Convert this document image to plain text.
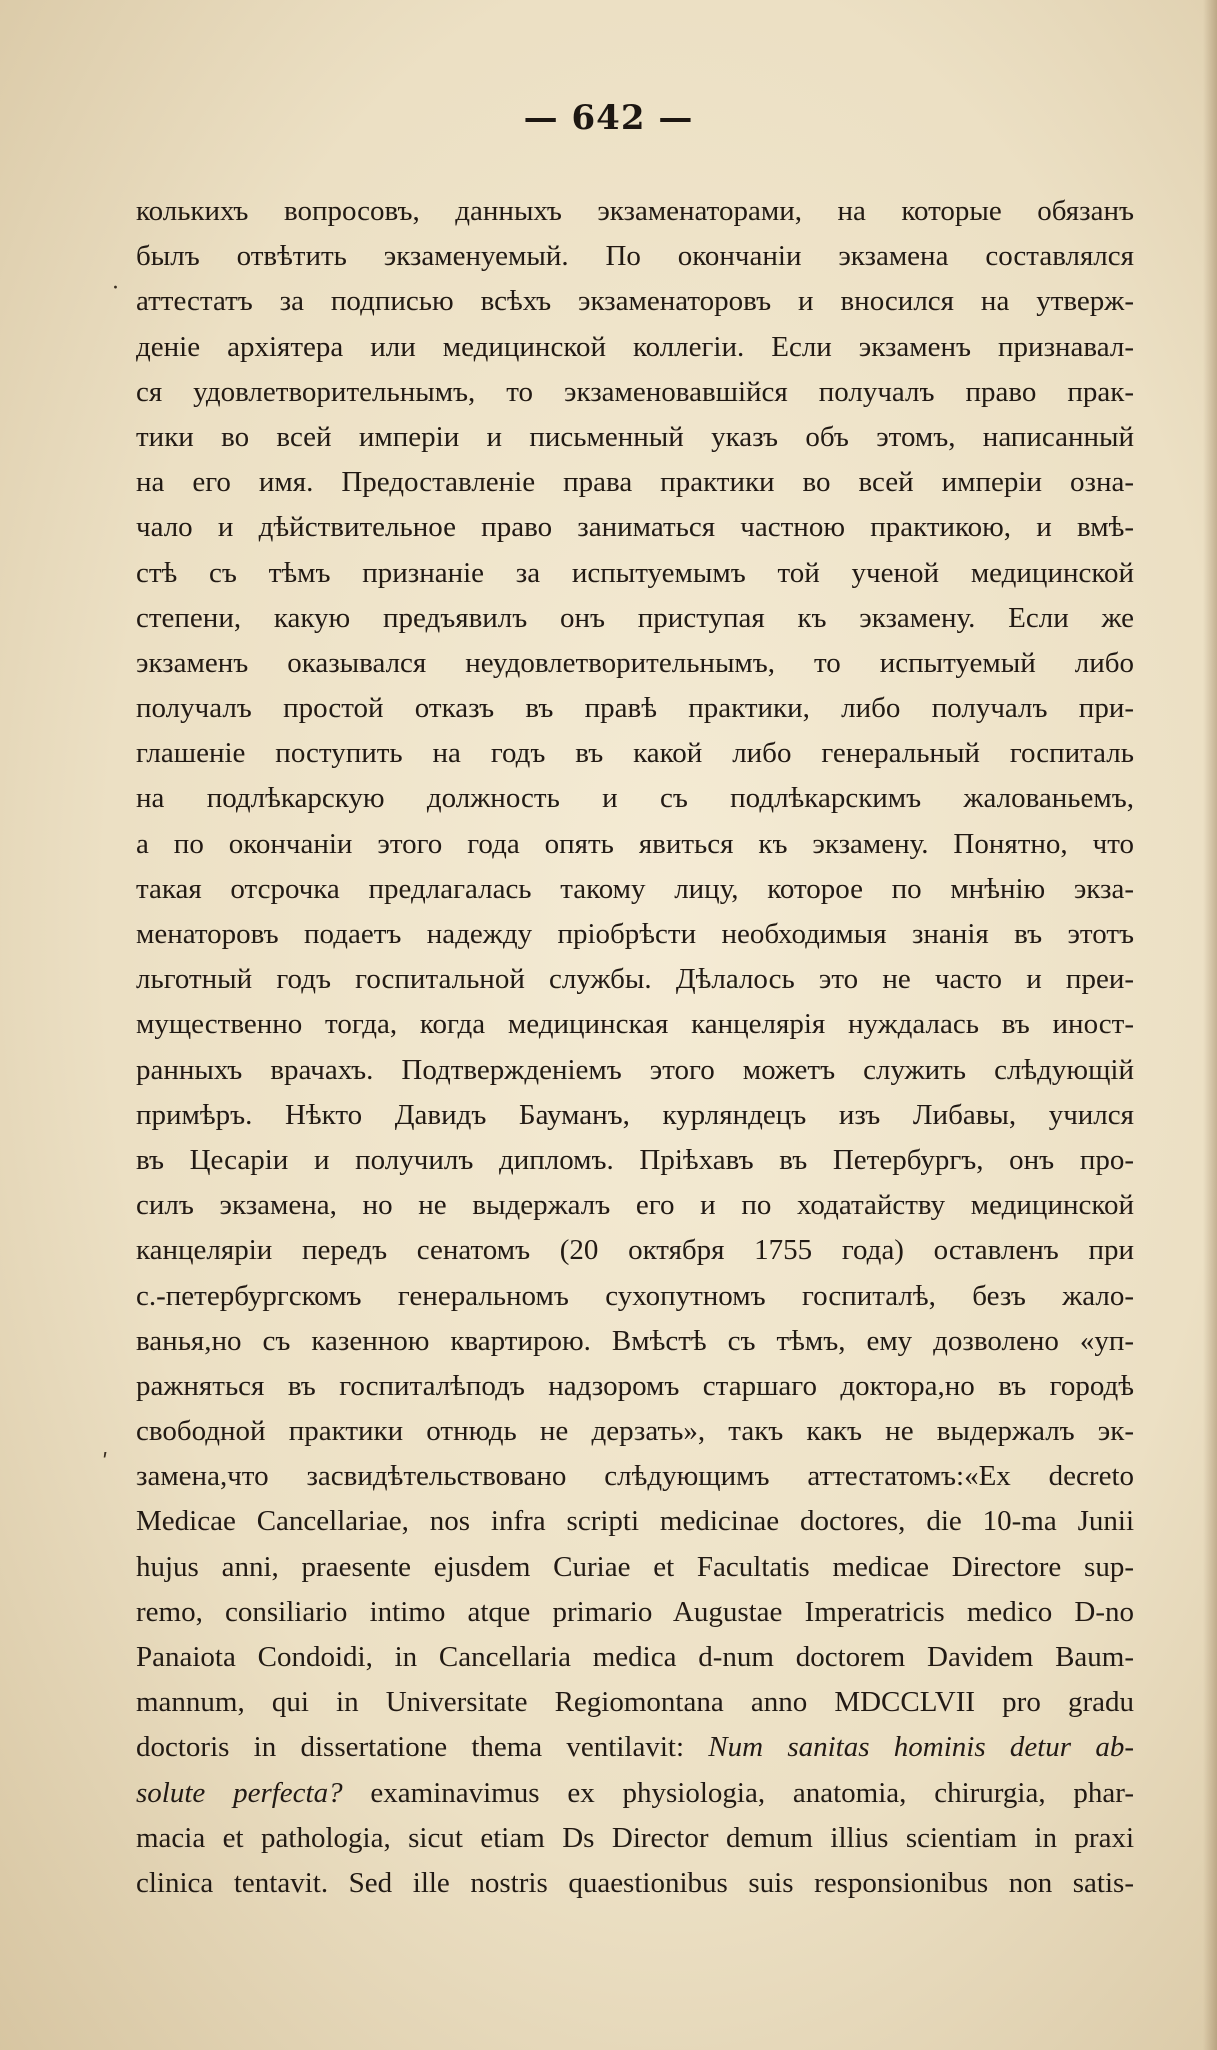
— 642 —
·
ʹ
колькихъ вопросовъ, данныхъ экзаменаторами, на которые обязанъ
былъ отвѣтить экзаменуемый. По окончаніи экзамена составлялся
аттестатъ за подписью всѣхъ экзаменаторовъ и вносился на утверж-
деніе архіятера или медицинской коллегіи. Если экзаменъ признавал-
ся удовлетворительнымъ, то экзаменовавшійся получалъ право прак-
тики во всей имперіи и письменный указъ объ этомъ, написанный
на его имя. Предоставленіе права практики во всей имперіи озна-
чало и дѣйствительное право заниматься частною практикою, и вмѣ-
стѣ съ тѣмъ признаніе за испытуемымъ той ученой медицинской
степени, какую предъявилъ онъ приступая къ экзамену. Если же
экзаменъ оказывался неудовлетворительнымъ, то испытуемый либо
получалъ простой отказъ въ правѣ практики, либо получалъ при-
глашеніе поступить на годъ въ какой либо генеральный госпиталь
на подлѣкарскую должность и съ подлѣкарскимъ жалованьемъ,
а по окончаніи этого года опять явиться къ экзамену. Понятно, что
такая отсрочка предлагалась такому лицу, которое по мнѣнію экза-
менаторовъ подаетъ надежду пріобрѣсти необходимыя знанія въ этотъ
льготный годъ госпитальной службы. Дѣлалось это не часто и преи-
мущественно тогда, когда медицинская канцелярія нуждалась въ иност-
ранныхъ врачахъ. Подтвержденіемъ этого можетъ служить слѣдующій
примѣръ. Нѣкто Давидъ Бауманъ, курляндецъ изъ Либавы, учился
въ Цесаріи и получилъ дипломъ. Пріѣхавъ въ Петербургъ, онъ про-
силъ экзамена, но не выдержалъ его и по ходатайству медицинской
канцеляріи передъ сенатомъ (20 октября 1755 года) оставленъ при
с.-петербургскомъ генеральномъ сухопутномъ госпиталѣ, безъ жало-
ванья,но съ казенною квартирою. Вмѣстѣ съ тѣмъ, ему дозволено «уп-
ражняться въ госпиталѣподъ надзоромъ старшаго доктора,но въ городѣ
свободной практики отнюдь не дерзать», такъ какъ не выдержалъ эк-
замена,что засвидѣтельствовано слѣдующимъ аттестатомъ:«Ex decreto
Medicae Cancellariae, nos infra scripti medicinae doctores, die 10-ma Junii
hujus anni, praesente ejusdem Curiae et Facultatis medicae Directore sup-
remo, consiliario intimo atque primario Augustae Imperatricis medico D-no
Panaiota Condoidi, in Cancellaria medica d-num doctorem Davidem Baum-
mannum, qui in Universitate Regiomontana anno MDCCLVII pro gradu
doctoris in dissertatione thema ventilavit: Num sanitas hominis detur ab-
solute perfecta? examinavimus ex physiologia, anatomia, chirurgia, phar-
macia et pathologia, sicut etiam Ds Director demum illius scientiam in praxi
clinica tentavit. Sed ille nostris quaestionibus suis responsionibus non satis-
